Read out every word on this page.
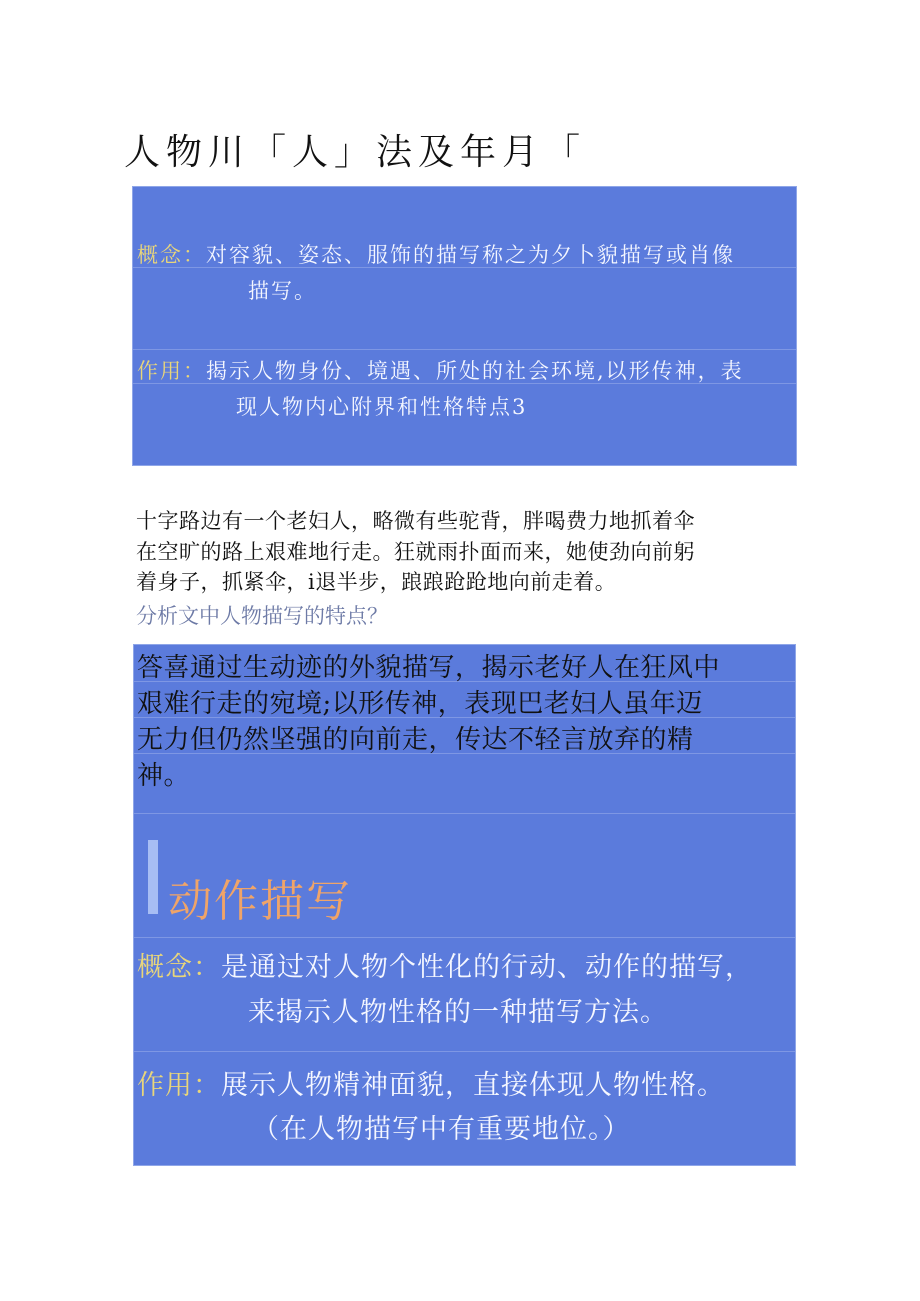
人物川「人」法及年月「
概念：对容貌、姿态、服饰的描写称之为夕卜貌描写或肖像
描写。
作用：揭示人物身份、境遇、所处的社会环境,以形传神，表
现人物内心附界和性格特点3
十字路边有一个老妇人，略微有些驼背，胖喝费力地抓着伞
在空旷的路上艰难地行走。狂就雨扑面而来，她使劲向前躬
着身子，抓紧伞，i退半步，踉踉跄跄地向前走着。
分析文中人物描写的特点？
答喜通过生动迹的外貌描写，揭示老好人在狂风中
艰难行走的宛境;以形传神，表现巴老妇人虽年迈
无力但仍然坚强的向前走，传达不轻言放弃的精
神。
动作描写
概念：是通过对人物个性化的行动、动作的描写，
来揭示人物性格的一种描写方法。
作用：展示人物精神面貌，直接体现人物性格。
（在人物描写中有重要地位。）
